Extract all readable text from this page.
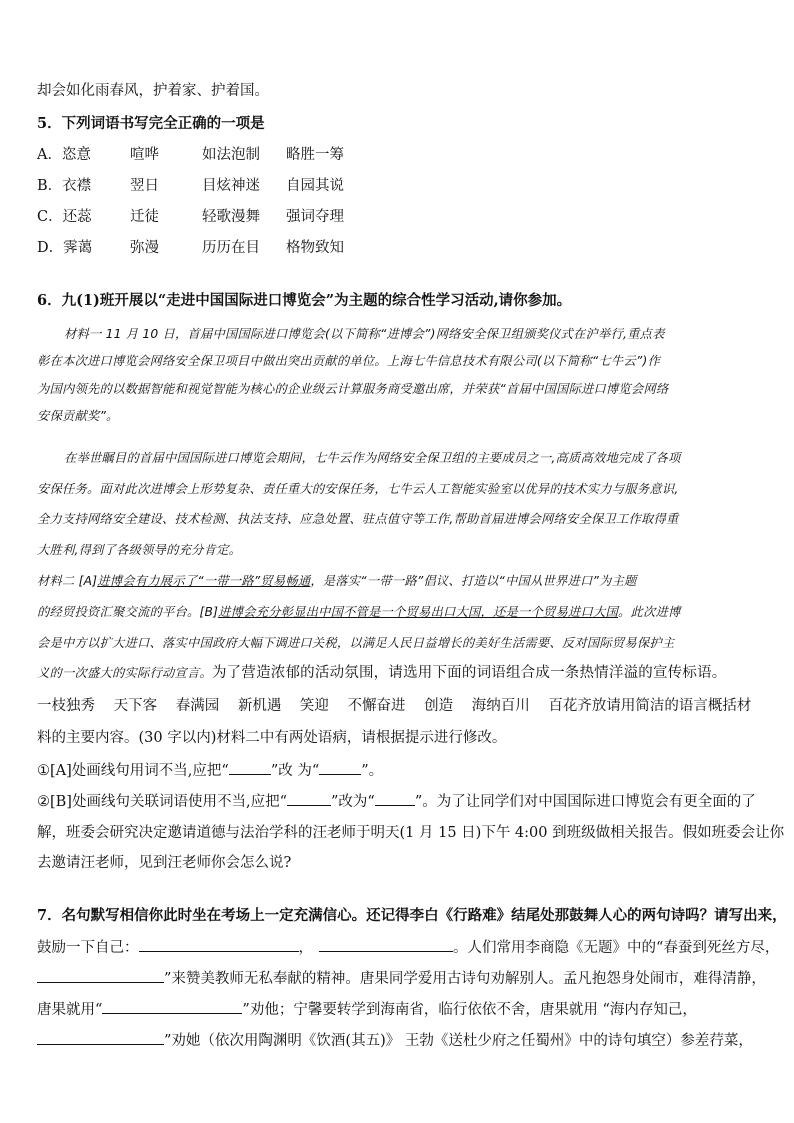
却会如化雨春风，护着家、护着国。
5．下列词语书写完全正确的一项是
A．恣意	喧哗	如法泡制 略胜一筹
B．衣襟	翌日	目炫神迷 自园其说
C．还蕊	迁徒	轻歌漫舞 强词夺理
D．霁蔼	弥漫	历历在目 格物致知
6．九(1)班开展以“走进中国国际进口博览会”为主题的综合性学习活动,请你参加。
材料一 11 月 10 日，首届中国国际进口博览会(以下简称“进博会”)网络安全保卫组颁奖仪式在沪举行,重点表
彰在本次进口博览会网络安全保卫项目中做出突出贡献的单位。上海七牛信息技术有限公司(以下简称“七牛云”)作
为国内领先的以数据智能和视觉智能为核心的企业级云计算服务商受邀出席，并荣获“首届中国国际进口博览会网络
安保贡献奖”。
在举世瞩目的首届中国国际进口博览会期间，七牛云作为网络安全保卫组的主要成员之一,高质高效地完成了各项
安保任务。面对此次进博会上形势复杂、责任重大的安保任务，七牛云人工智能实验室以优异的技术实力与服务意识,
全力支持网络安全建设、技术检测、执法支持、应急处置、驻点值守等工作,帮助首届进博会网络安全保卫工作取得重
大胜利,得到了各级领导的充分肯定。
材料二 [A]进博会有力展示了“一带一路”贸易畅通，是落实“一带一路”倡议、打造以“中国从世界进口”为主题
的经贸投资汇聚交流的平台。[B]进博会充分彰显出中国不管是一个贸易出口大国，还是一个贸易进口大国。此次进博
会是中方以扩大进口、落实中国政府大幅下调进口关税，以满足人民日益增长的美好生活需要、反对国际贸易保护主
义的一次盛大的实际行动宣言。为了营造浓郁的活动氛围，请选用下面的词语组合成一条热情洋溢的宣传标语。
一枝独秀 天下客 春满园 新机遇 笑迎 不懈奋进 创造 海纳百川 百花齐放请用简洁的语言概括材
料的主要内容。(30 字以内)材料二中有两处语病，请根据提示进行修改。
①[A]处画线句用词不当,应把“	”改 为“	”。
②[B]处画线句关联词语使用不当,应把“	”改为“	”。为了让同学们对中国国际进口博览会有更全面的了
解，班委会研究决定邀请道德与法治学科的汪老师于明天(1 月 15 日)下午 4:00 到班级做相关报告。假如班委会让你
去邀请汪老师，见到汪老师你会怎么说?
7．名句默写相信你此时坐在考场上一定充满信心。还记得李白《行路难》结尾处那鼓舞人心的两句诗吗？请写出来，
鼓励一下自己：	，	。人们常用李商隐《无题》中的“春蚕到死丝方尽，
”来赞美教师无私奉献的精神。唐果同学爱用古诗句劝解别人。孟凡抱怨身处闹市，难得清静，
唐果就用“	”劝他；宁馨要转学到海南省，临行依依不舍，唐果就用 “海内存知己，
”劝她（依次用陶渊明《饮酒(其五)》 王勃《送杜少府之任蜀州》中的诗句填空）参差荇菜，
